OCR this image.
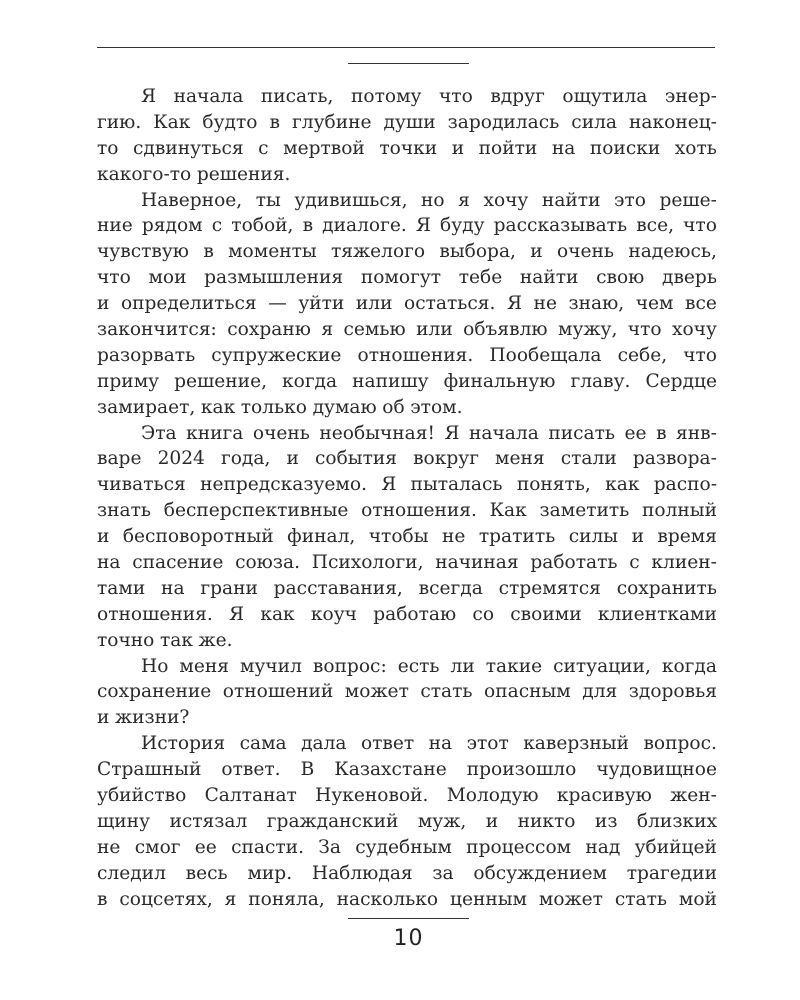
Я начала писать, потому что вдруг ощутила энер-
гию. Как будто в глубине души зародилась сила наконец-
то сдвинуться с мертвой точки и пойти на поиски хоть
какого-то решения.
Наверное, ты удивишься, но я хочу найти это реше-
ние рядом с тобой, в диалоге. Я буду рассказывать все, что
чувствую в моменты тяжелого выбора, и очень надеюсь,
что мои размышления помогут тебе найти свою дверь
и определиться — уйти или остаться. Я не знаю, чем все
закончится: сохраню я семью или объявлю мужу, что хочу
разорвать супружеские отношения. Пообещала себе, что
приму решение, когда напишу финальную главу. Сердце
замирает, как только думаю об этом.
Эта книга очень необычная! Я начала писать ее в янв-
варе 2024 года, и события вокруг меня стали развора-
чиваться непредсказуемо. Я пыталась понять, как распо-
знать бесперспективные отношения. Как заметить полный
и бесповоротный финал, чтобы не тратить силы и время
на спасение союза. Психологи, начиная работать с клиен-
тами на грани расставания, всегда стремятся сохранить
отношения. Я как коуч работаю со своими клиентками
точно так же.
Но меня мучил вопрос: есть ли такие ситуации, когда
сохранение отношений может стать опасным для здоровья
и жизни?
История сама дала ответ на этот каверзный вопрос.
Страшный ответ. В Казахстане произошло чудовищное
убийство Салтанат Нукеновой. Молодую красивую жен-
щину истязал гражданский муж, и никто из близких
не смог ее спасти. За судебным процессом над убийцей
следил весь мир. Наблюдая за обсуждением трагедии
в соцсетях, я поняла, насколько ценным может стать мой
10
